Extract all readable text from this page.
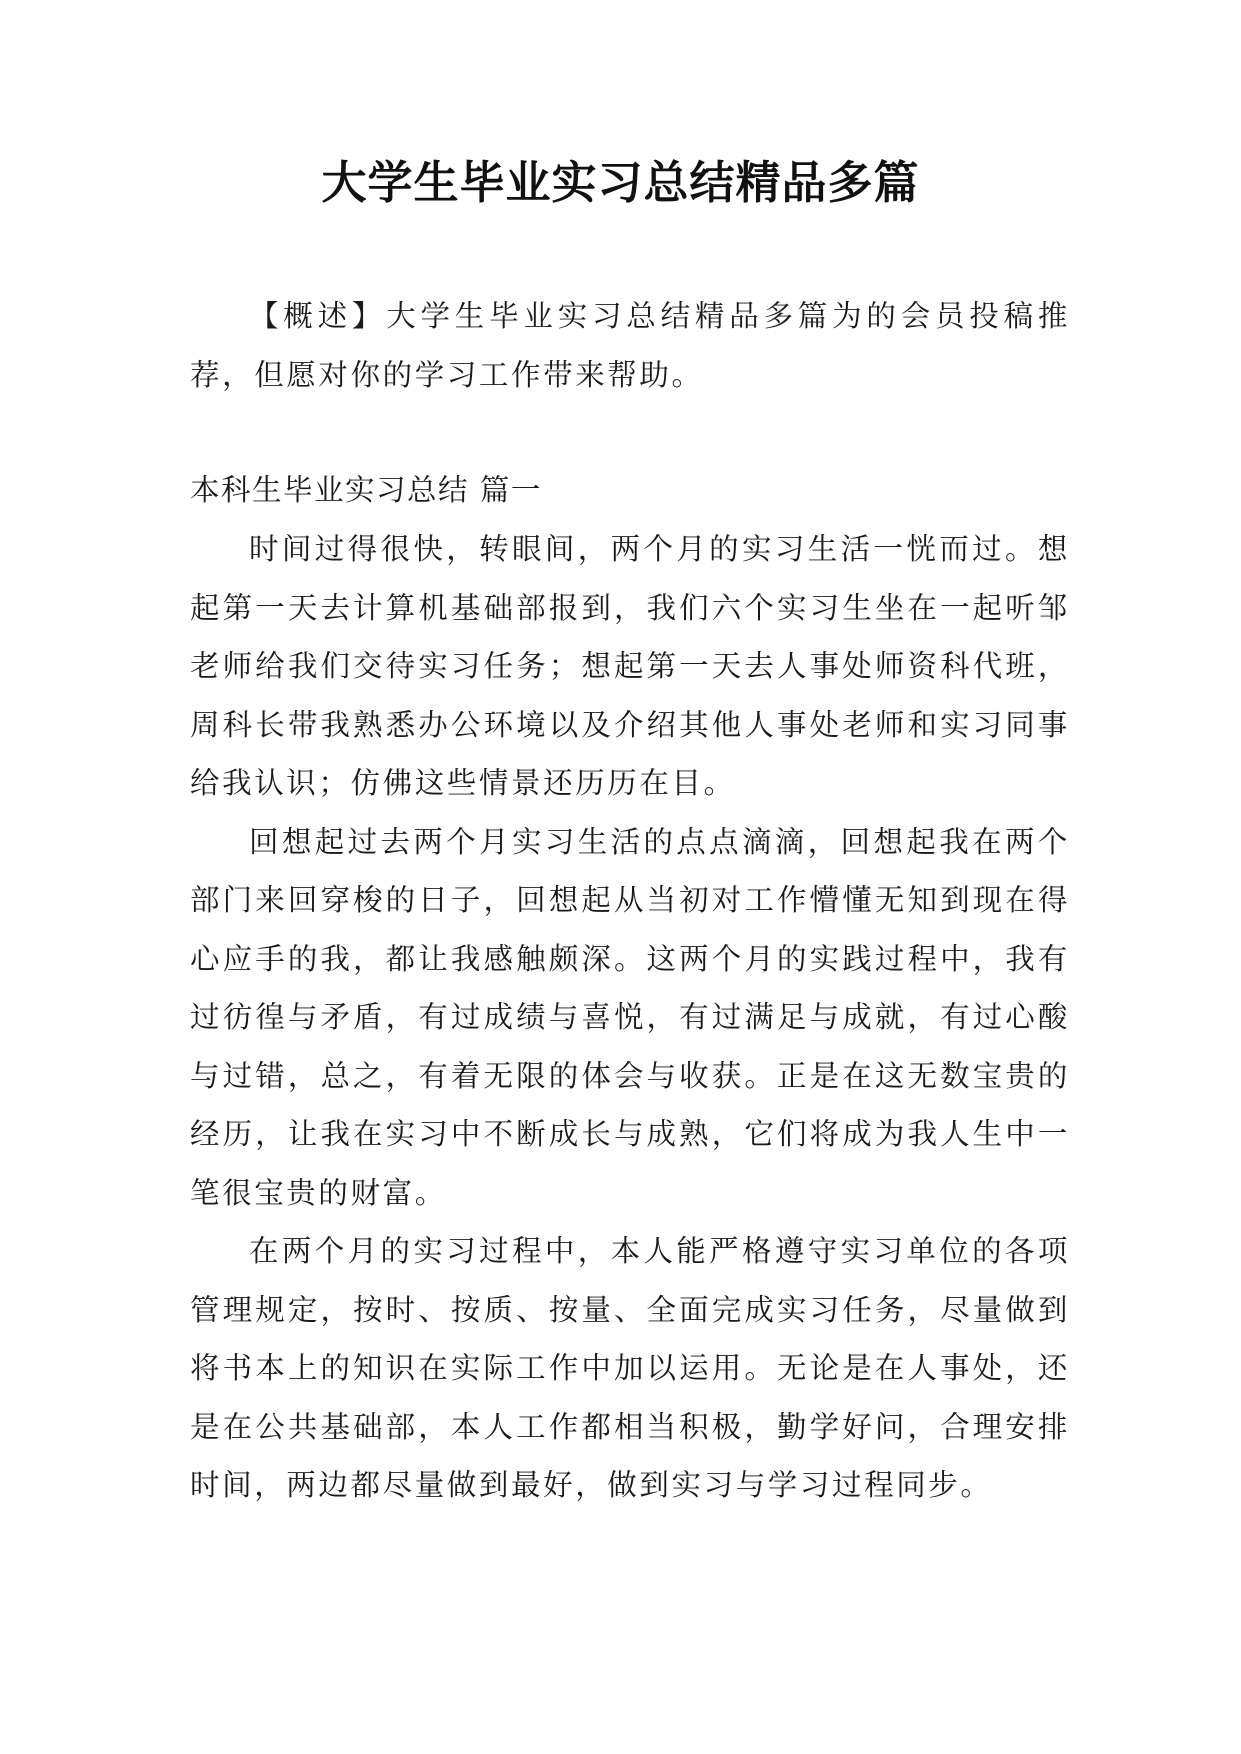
大学生毕业实习总结精品多篇

【概述】大学生毕业实习总结精品多篇为的会员投稿推荐，但愿对你的学习工作带来帮助。

本科生毕业实习总结 篇一

时间过得很快，转眼间，两个月的实习生活一恍而过。想起第一天去计算机基础部报到，我们六个实习生坐在一起听邹老师给我们交待实习任务；想起第一天去人事处师资科代班，周科长带我熟悉办公环境以及介绍其他人事处老师和实习同事给我认识；仿佛这些情景还历历在目。

回想起过去两个月实习生活的点点滴滴，回想起我在两个部门来回穿梭的日子，回想起从当初对工作懵懂无知到现在得心应手的我，都让我感触颇深。这两个月的实践过程中，我有过彷徨与矛盾，有过成绩与喜悦，有过满足与成就，有过心酸与过错，总之，有着无限的体会与收获。正是在这无数宝贵的经历，让我在实习中不断成长与成熟，它们将成为我人生中一笔很宝贵的财富。

在两个月的实习过程中，本人能严格遵守实习单位的各项管理规定，按时、按质、按量、全面完成实习任务，尽量做到将书本上的知识在实际工作中加以运用。无论是在人事处，还是在公共基础部，本人工作都相当积极，勤学好问，合理安排时间，两边都尽量做到最好，做到实习与学习过程同步。
